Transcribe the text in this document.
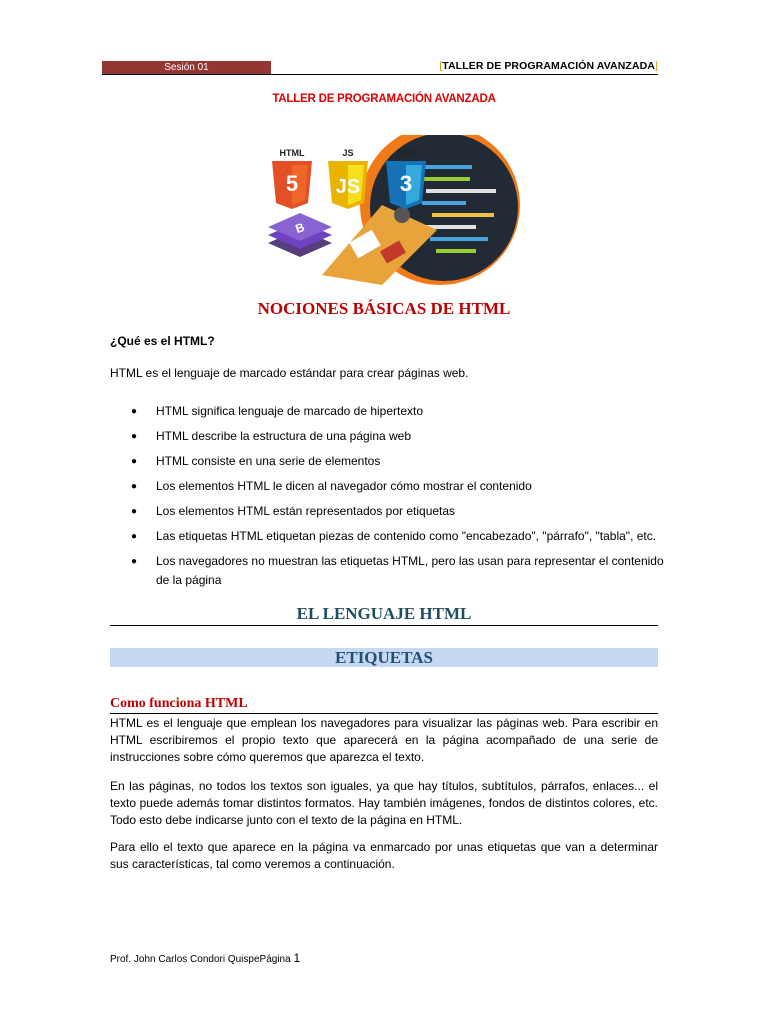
Sesión 01	[TALLER DE PROGRAMACIÓN AVANZADA]
TALLER DE PROGRAMACIÓN AVANZADA
5
HTML
JS
JS
3
CSS
B
NOCIONES BÁSICAS DE HTML
¿Qué es el HTML?
HTML es el lenguaje de marcado estándar para crear páginas web.
● HTML significa lenguaje de marcado de hipertexto
● HTML describe la estructura de una página web
● HTML consiste en una serie de elementos
● Los elementos HTML le dicen al navegador cómo mostrar el contenido
● Los elementos HTML están representados por etiquetas
● Las etiquetas HTML etiquetan piezas de contenido como "encabezado", "párrafo", "tabla", etc.
● Los navegadores no muestran las etiquetas HTML, pero las usan para representar el contenido de la página
EL LENGUAJE HTML
ETIQUETAS
Como funciona HTML
HTML es el lenguaje que emplean los navegadores para visualizar las páginas web. Para escribir en HTML escribiremos el propio texto que aparecerá en la página acompañado de una serie de instrucciones sobre cómo queremos que aparezca el texto.
En las páginas, no todos los textos son iguales, ya que hay títulos, subtítulos, párrafos, enlaces... el texto puede además tomar distintos formatos. Hay también imágenes, fondos de distintos colores, etc. Todo esto debe indicarse junto con el texto de la página en HTML.
Para ello el texto que aparece en la página va enmarcado por unas etiquetas que van a determinar sus características, tal como veremos a continuación.
Prof. John Carlos Condori QuispePágina 1
